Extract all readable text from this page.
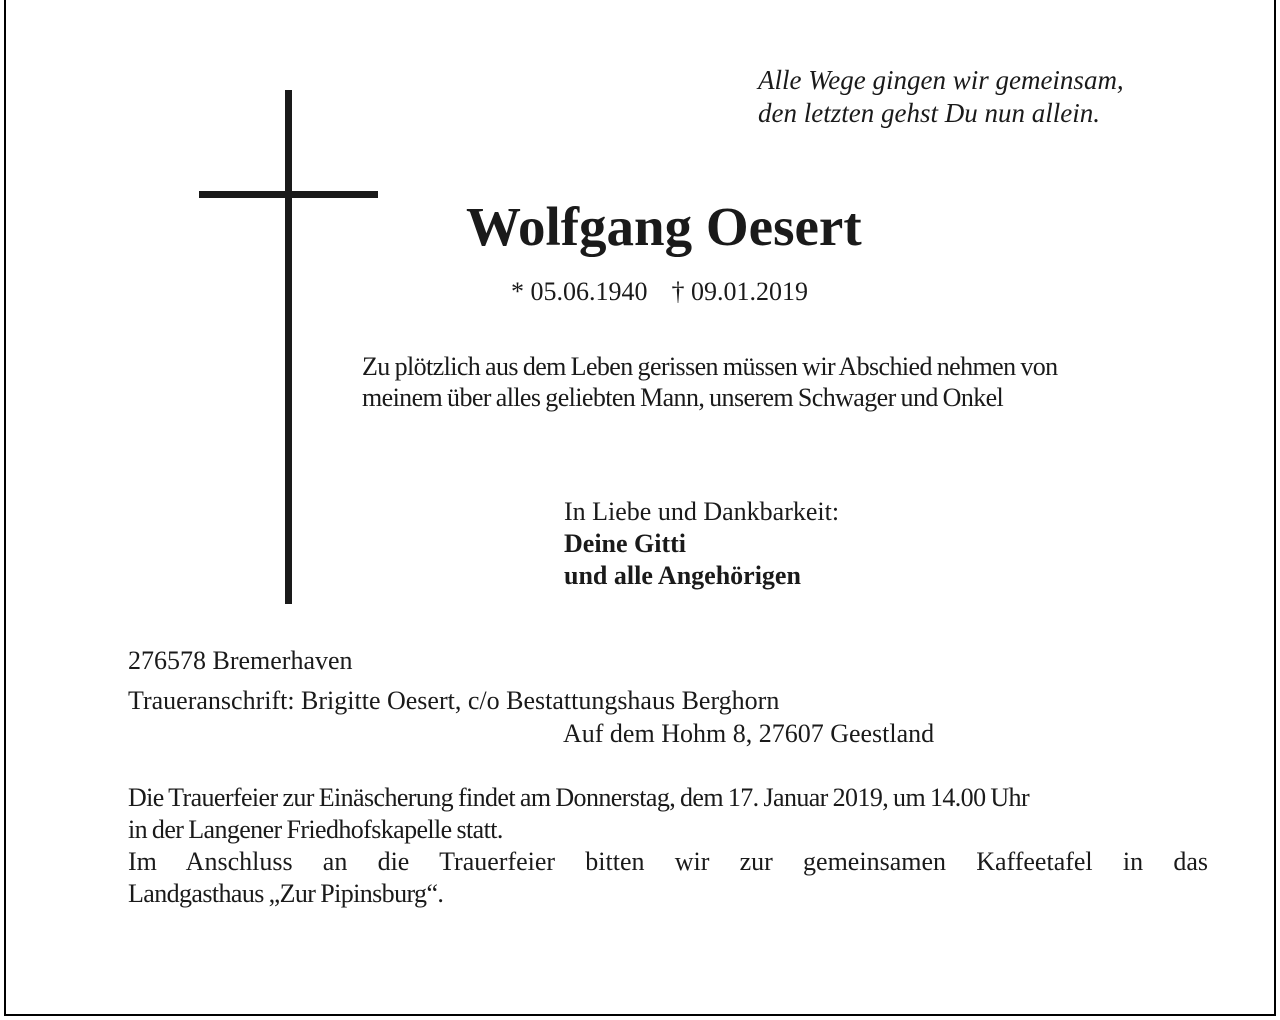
Alle Wege gingen wir gemeinsam,
den letzten gehst Du nun allein.
Wolfgang Oesert
* 05.06.1940 † 09.01.2019
Zu plötzlich aus dem Leben gerissen müssen wir Abschied nehmen von
meinem über alles geliebten Mann, unserem Schwager und Onkel
In Liebe und Dankbarkeit:
Deine Gitti
und alle Angehörigen
276578 Bremerhaven
Traueranschrift: Brigitte Oesert, c/o Bestattungshaus Berghorn
Auf dem Hohm 8, 27607 Geestland
Die Trauerfeier zur Einäscherung findet am Donnerstag, dem 17. Januar 2019, um 14.00 Uhr
in der Langener Friedhofskapelle statt.
Im Anschluss an die Trauerfeier bitten wir zur gemeinsamen Kaffeetafel in das
Landgasthaus „Zur Pipinsburg“.
